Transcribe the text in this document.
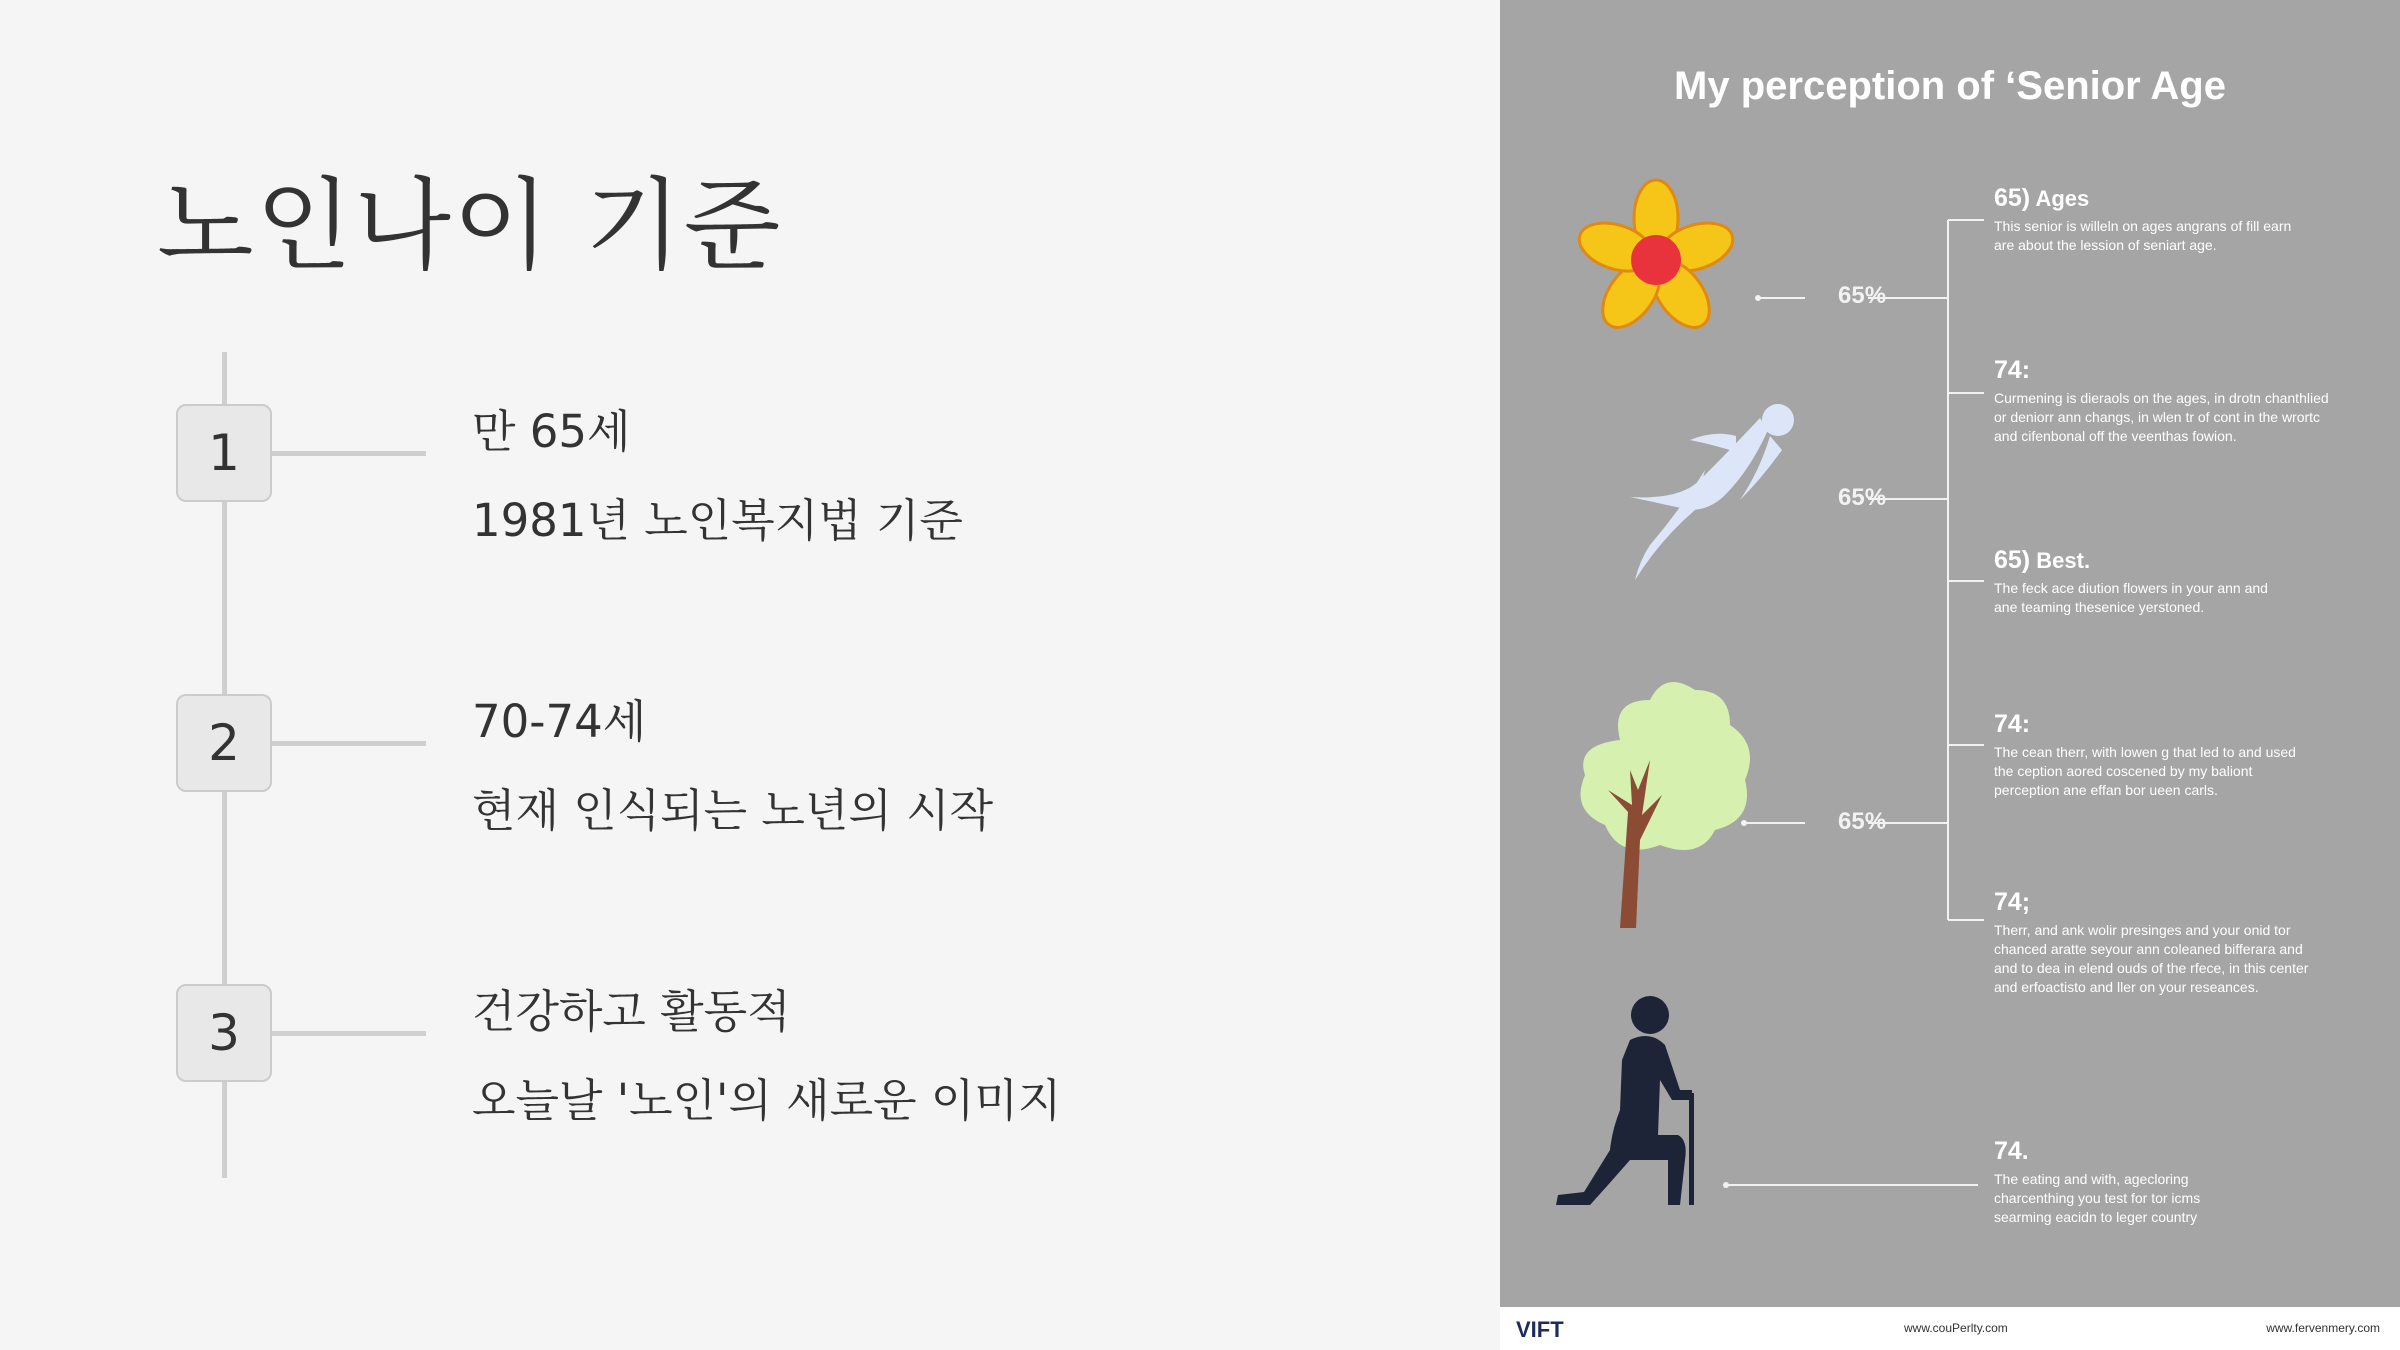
노인나이 기준
1	만 65세
1981년 노인복지법 기준
2	70-74세
현재 인식되는 노년의 시작
3	건강하고 활동적
오늘날 '노인'의 새로운 이미지
My perception of ‘Senior Age
65%
65%
65%
65) Ages
This senior is willeln on ages angrans of fill earn
are about the lession of seniart age.
74:
Curmening is dieraols on the ages, in drotn chanthlied
or deniorr ann changs, in wlen tr of cont in the wrortc
and cifenbonal off the veenthas fowion.
65) Best.
The feck ace diution flowers in your ann and
ane teaming thesenice yerstoned.
74:
The cean therr, with lowen g that led to and used
the ception aored coscened by my baliont
perception ane effan bor ueen carls.
74;
Therr, and ank wolir presinges and your onid tor
chanced aratte seyour ann coleaned bifferara and
and to dea in elend ouds of the rfece, in this center
and erfoactisto and ller on your reseances.
74.
The eating and with, agecloring
charcenthing you test for tor icms
searming eacidn to leger country
VIFT	www.couPerlty.com	www.fervenmery.com
